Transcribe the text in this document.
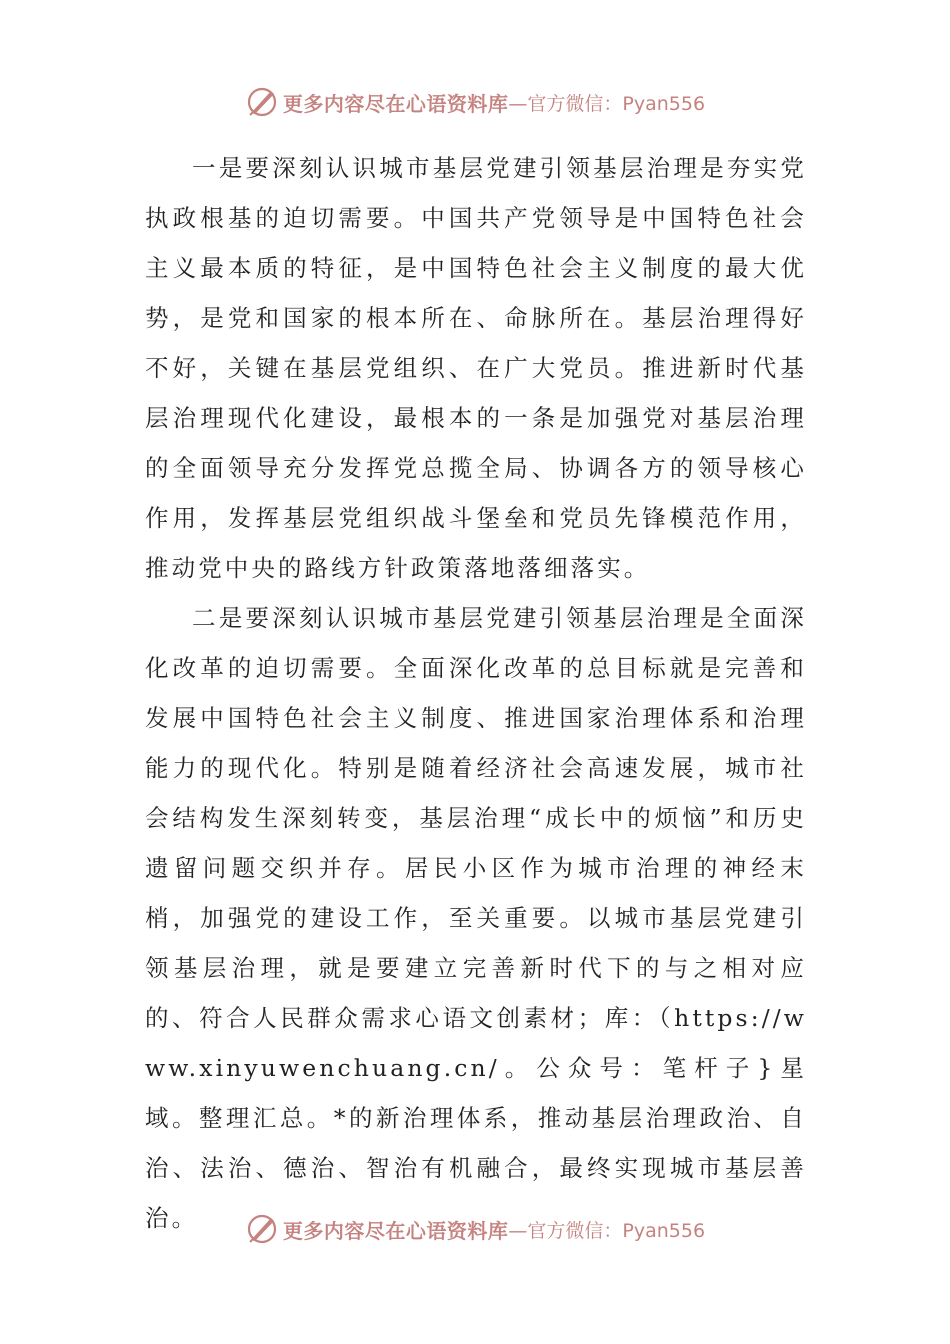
更多内容尽在心语资料库 —官方微信：Pyan556

一是要深刻认识城市基层党建引领基层治理是夯实党执政根基的迫切需要。中国共产党领导是中国特色社会主义最本质的特征，是中国特色社会主义制度的最大优势，是党和国家的根本所在、命脉所在。基层治理得好不好，关键在基层党组织、在广大党员。推进新时代基层治理现代化建设，最根本的一条是加强党对基层治理的全面领导充分发挥党总揽全局、协调各方的领导核心作用，发挥基层党组织战斗堡垒和党员先锋模范作用，推动党中央的路线方针政策落地落细落实。

二是要深刻认识城市基层党建引领基层治理是全面深化改革的迫切需要。全面深化改革的总目标就是完善和发展中国特色社会主义制度、推进国家治理体系和治理能力的现代化。特别是随着经济社会高速发展，城市社会结构发生深刻转变，基层治理“成长中的烦恼”和历史遗留问题交织并存。居民小区作为城市治理的神经末梢，加强党的建设工作，至关重要。以城市基层党建引领基层治理，就是要建立完善新时代下的与之相对应的、符合人民群众需求心语文创素材；库：（https://www.xinyuwenchuang.cn/。公众号：笔杆子}星域。整理汇总。*的新治理体系，推动基层治理政治、自治、法治、德治、智治有机融合，最终实现城市基层善治。	更多内容尽在心语资料库 —官方微信：Pyan556
